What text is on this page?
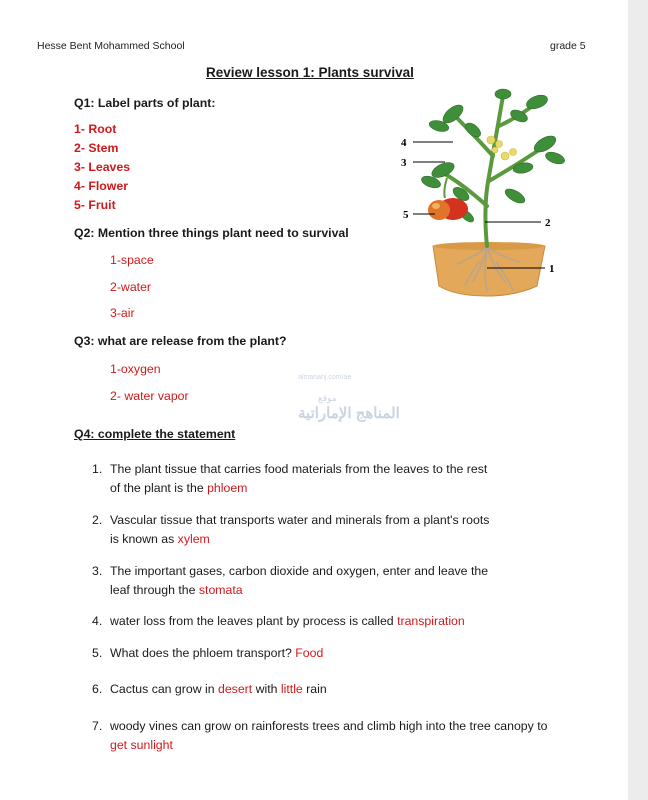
Hesse Bent Mohammed School	grade 5
Review lesson 1: Plants survival
Q1: Label parts of plant:
1- Root
2- Stem
3- Leaves
4- Flower
5- Fruit
Q2: Mention three things plant need to survival
1-space
2-water
3-air
Q3: what are release from the plant?
1-oxygen
2- water vapor
almanahj.com/ae
موقع
المناهج الإماراتية
Q4: complete the statement
1. The plant tissue that carries food materials from the leaves to the rest
of the plant is the phloem
2. Vascular tissue that transports water and minerals from a plant's roots
is known as xylem
3. The important gases, carbon dioxide and oxygen, enter and leave the
leaf through the stomata
4. water loss from the leaves plant by process is called transpiration
5. What does the phloem transport? Food
6. Cactus can grow in desert with little rain
7. woody vines can grow on rainforests trees and climb high into the tree canopy to
get sunlight
4
3
5
2
1
